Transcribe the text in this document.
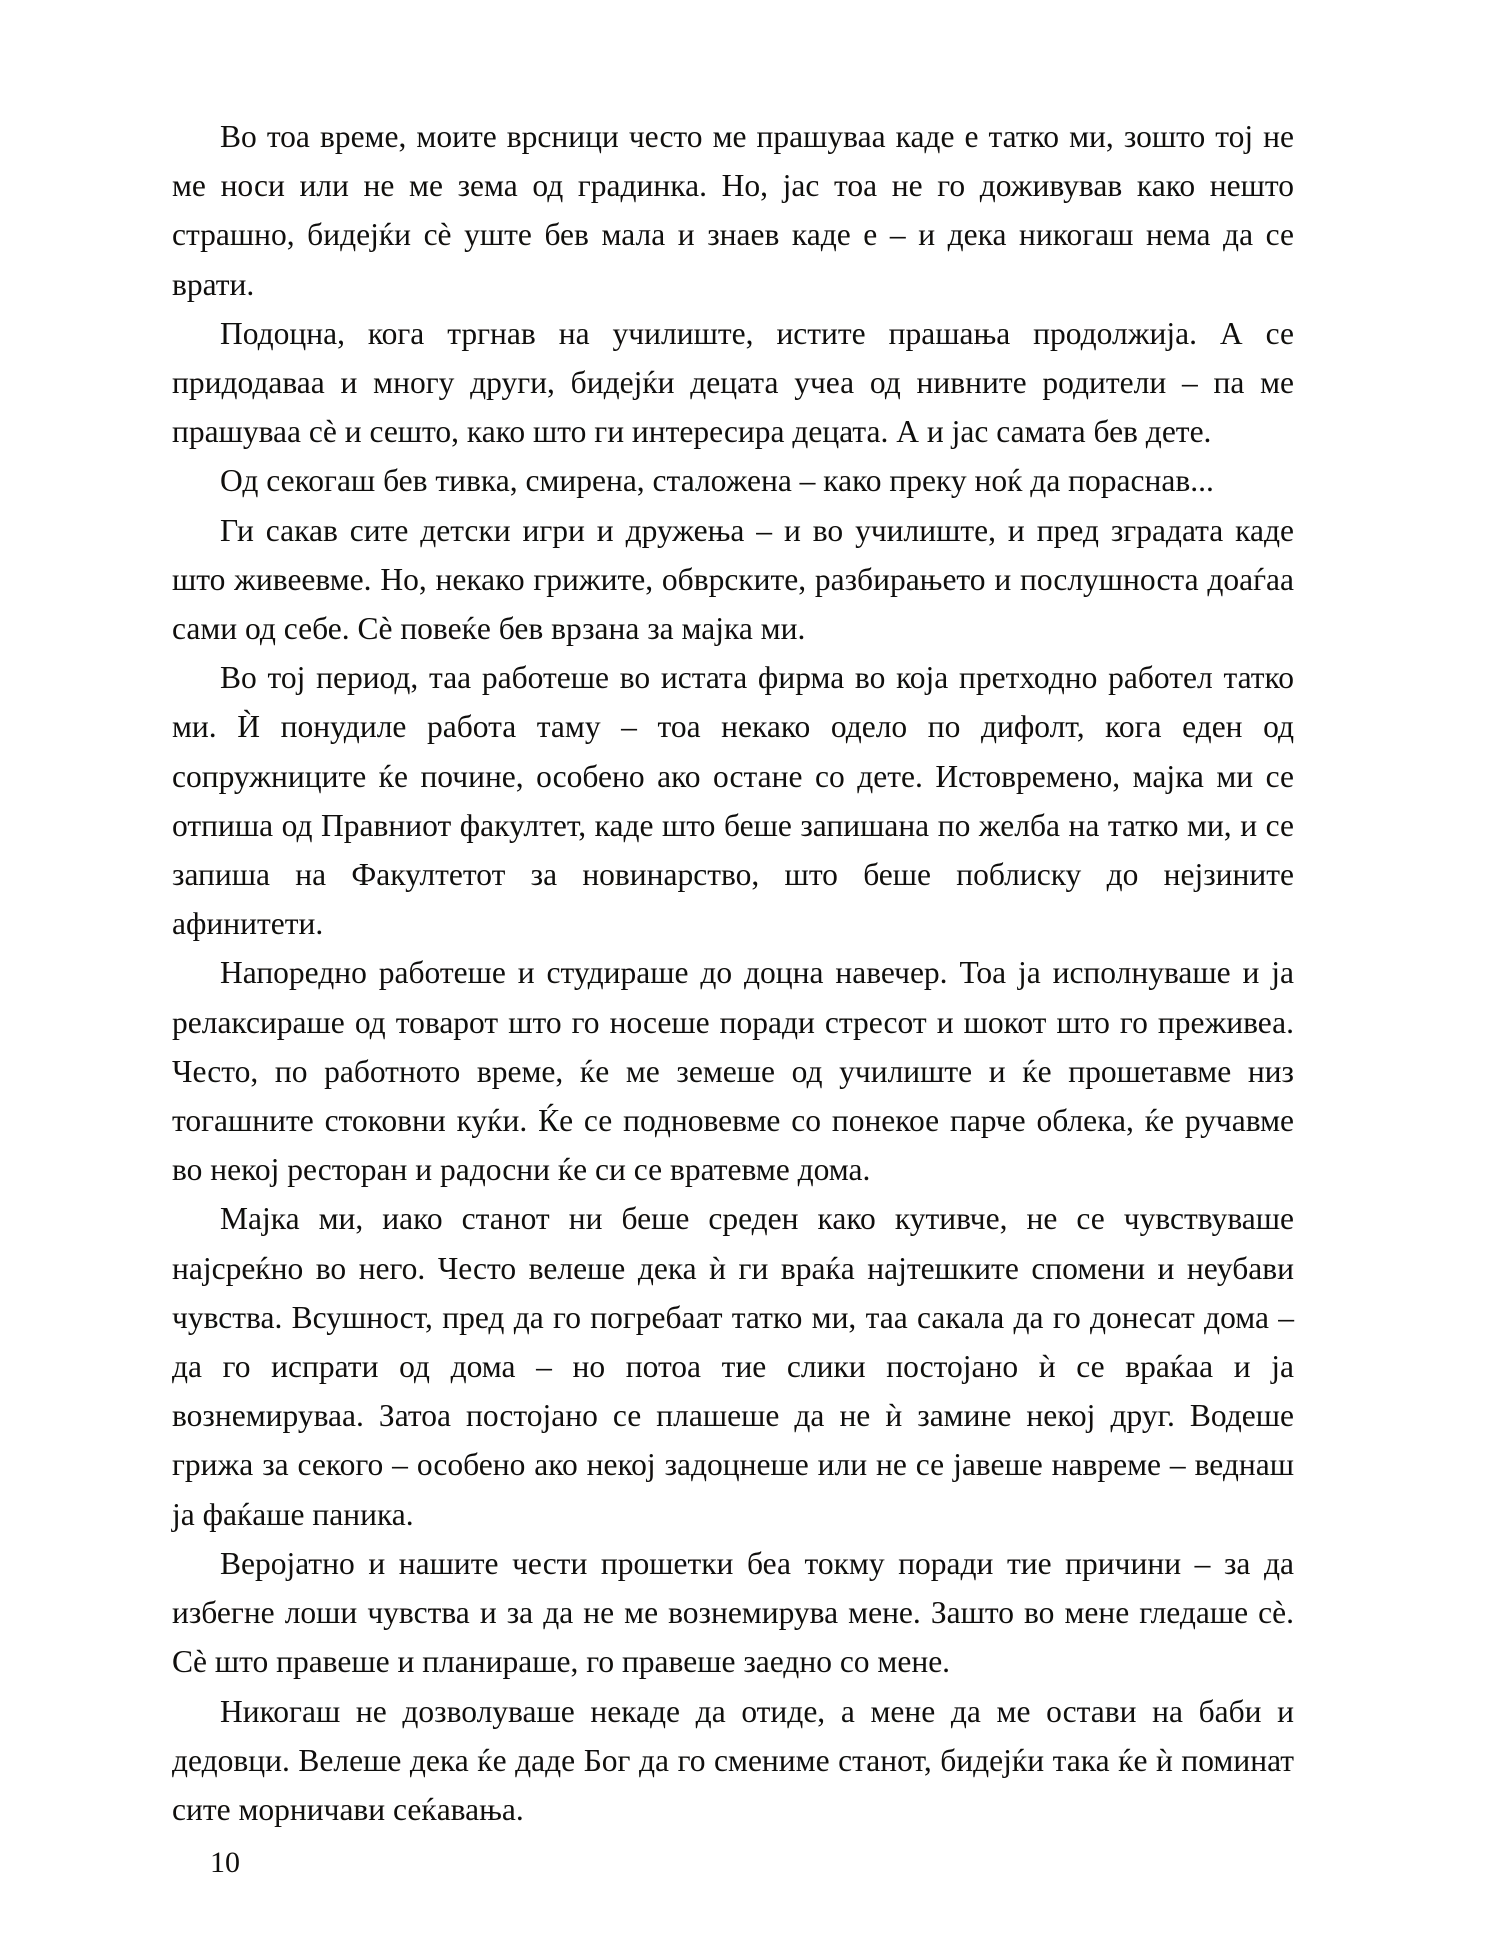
Во тоа време, моите врсници често ме прашуваа каде е татко ми, зошто тој не ме носи или не ме зема од градинка. Но, јас тоа не го доживував како нешто страшно, бидејќи сè уште бев мала и знаев каде е – и дека никогаш нема да се врати.

Подоцна, кога тргнав на училиште, истите прашања продолжија. А се придодаваа и многу други, бидејќи децата учеа од нивните родители – па ме прашуваа сè и сешто, како што ги интересира децата. А и јас самата бев дете.

Од секогаш бев тивка, смирена, сталожена – како преку ноќ да пораснав...

Ги сакав сите детски игри и дружења – и во училиште, и пред зградата каде што живеевме. Но, некако грижите, обврските, разбирањето и послушноста доаѓаа сами од себе. Сè повеќе бев врзана за мајка ми.

Во тој период, таа работеше во истата фирма во која претходно работел татко ми. Ѝ понудиле работа таму – тоа некако одело по дифолт, кога еден од сопружниците ќе почине, особено ако остане со дете. Истовремено, мајка ми се отпиша од Правниот факултет, каде што беше запишана по желба на татко ми, и се запиша на Факултетот за новинарство, што беше поблиску до нејзините афинитети.

Напоредно работеше и студираше до доцна навечер. Тоа ја исполнуваше и ја релаксираше од товарот што го носеше поради стресот и шокот што го преживеа. Често, по работното време, ќе ме земеше од училиште и ќе прошетавме низ тогашните стоковни куќи. Ќе се подновевме со понекое парче облека, ќе ручавме во некој ресторан и радосни ќе си се вратевме дома.

Мајка ми, иако станот ни беше среден како кутивче, не се чувствуваше најсреќно во него. Често велеше дека ѝ ги враќа најтешките спомени и неубави чувства. Всушност, пред да го погребаат татко ми, таа сакала да го донесат дома – да го испрати од дома – но потоа тие слики постојано ѝ се враќаа и ја вознемируваа. Затоа постојано се плашеше да не ѝ замине некој друг. Водеше грижа за секого – особено ако некој задоцнеше или не се јавеше навреме – веднаш ја фаќаше паника.

Веројатно и нашите чести прошетки беа токму поради тие причини – за да избегне лоши чувства и за да не ме вознемирува мене. Зашто во мене гледаше сè. Сè што правеше и планираше, го правеше заедно со мене.

Никогаш не дозволуваше некаде да отиде, а мене да ме остави на баби и дедовци. Велеше дека ќе даде Бог да го смениме станот, бидејќи така ќе ѝ поминат сите морничави сеќавања.

10
